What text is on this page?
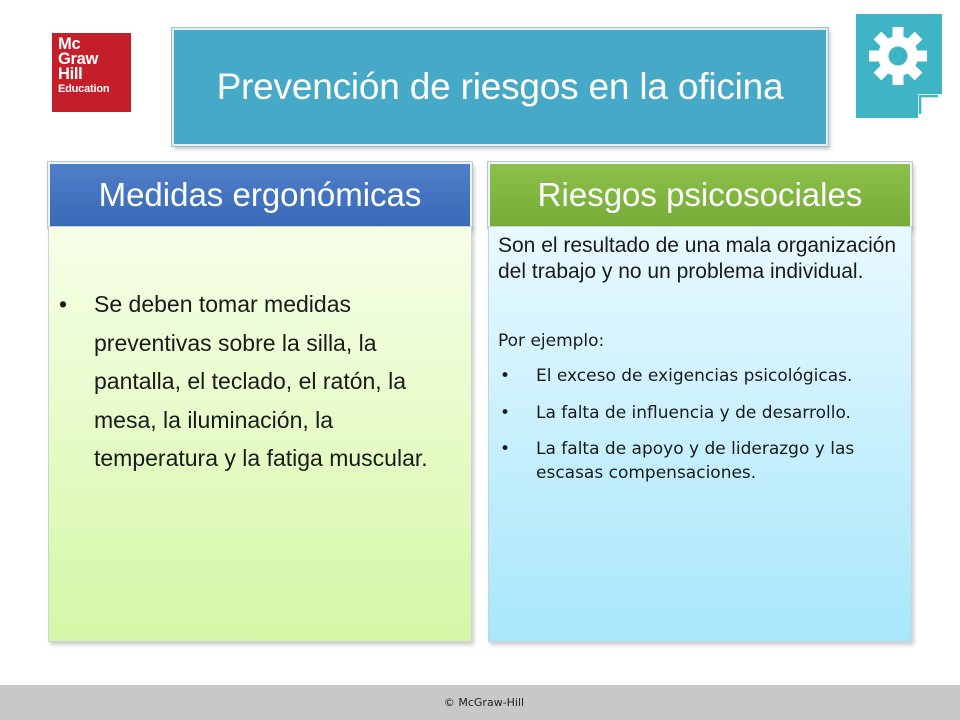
Mc
Graw
Hill
Education	Prevención de riesgos en la oficina
Medidas ergonómicas	Riesgos psicosociales
• Se deben tomar medidas preventivas sobre la silla, la pantalla, el teclado, el ratón, la mesa, la iluminación, la temperatura y la fatiga muscular.

Son el resultado de una mala organización del trabajo y no un problema individual.

Por ejemplo:

• El exceso de exigencias psicológicas.
• La falta de influencia y de desarrollo.
• La falta de apoyo y de liderazgo y las escasas compensaciones.
© McGraw-Hill
